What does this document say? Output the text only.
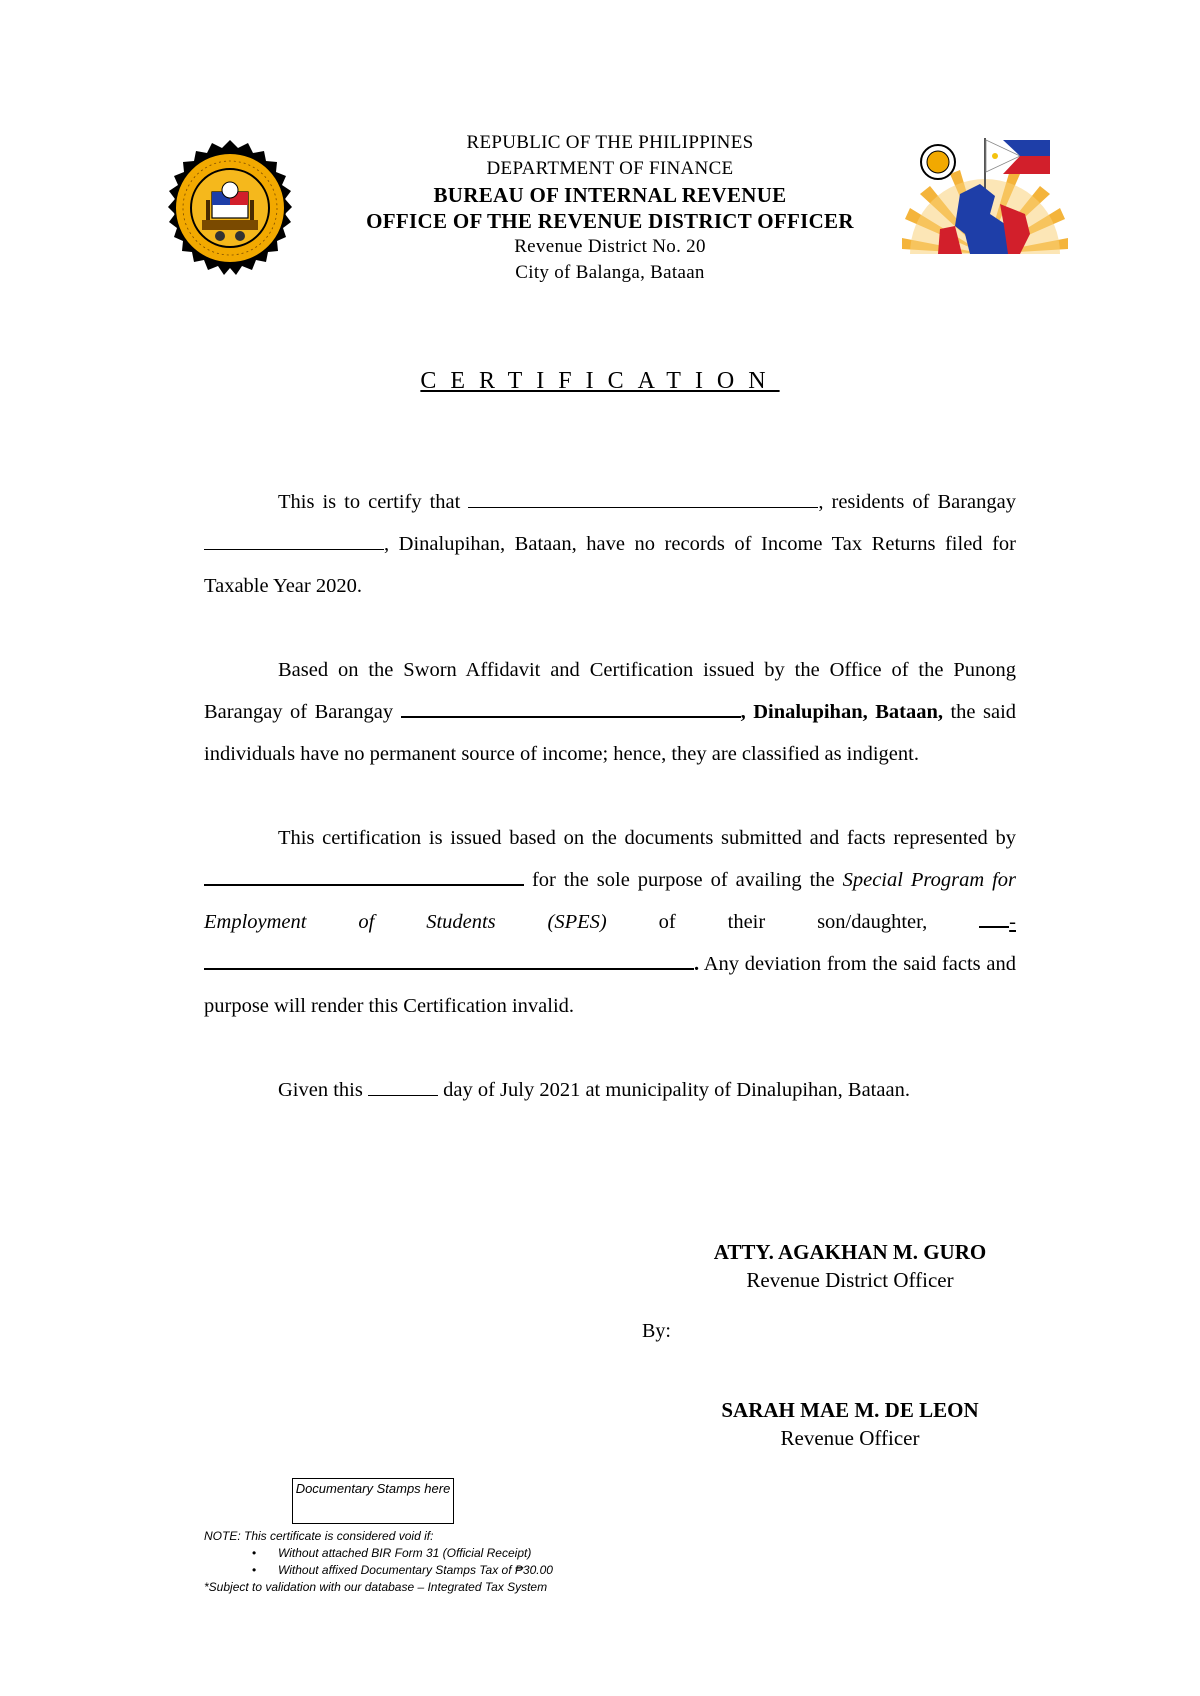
REPUBLIC OF THE PHILIPPINES
DEPARTMENT OF FINANCE
BUREAU OF INTERNAL REVENUE
OFFICE OF THE REVENUE DISTRICT OFFICER
Revenue District No. 20
City of Balanga, Bataan
CERTIFICATION

This is to certify that	, residents of Barangay , Dinalupihan, Bataan, have no records of Income Tax Returns filed for Taxable Year 2020.

Based on the Sworn Affidavit and Certification issued by the Office of the Punong Barangay of Barangay	, Dinalupihan, Bataan, the said individuals have no permanent source of income; hence, they are classified as indigent.

This certification is issued based on the documents submitted and facts represented by  for the sole purpose of availing the Special Program for Employment of Students (SPES)	of their son/daughter,	- . Any deviation from the said facts and purpose will render this Certification invalid.

Given this	day of July 2021 at municipality of Dinalupihan, Bataan.

ATTY. AGAKHAN M. GURO
Revenue District Officer
By:
SARAH MAE M. DE LEON
Revenue Officer
Documentary Stamps here
NOTE: This certificate is considered void if:
• Without attached BIR Form 31 (Official Receipt)
• Without affixed Documentary Stamps Tax of ₱30.00
*Subject to validation with our database – Integrated Tax System
